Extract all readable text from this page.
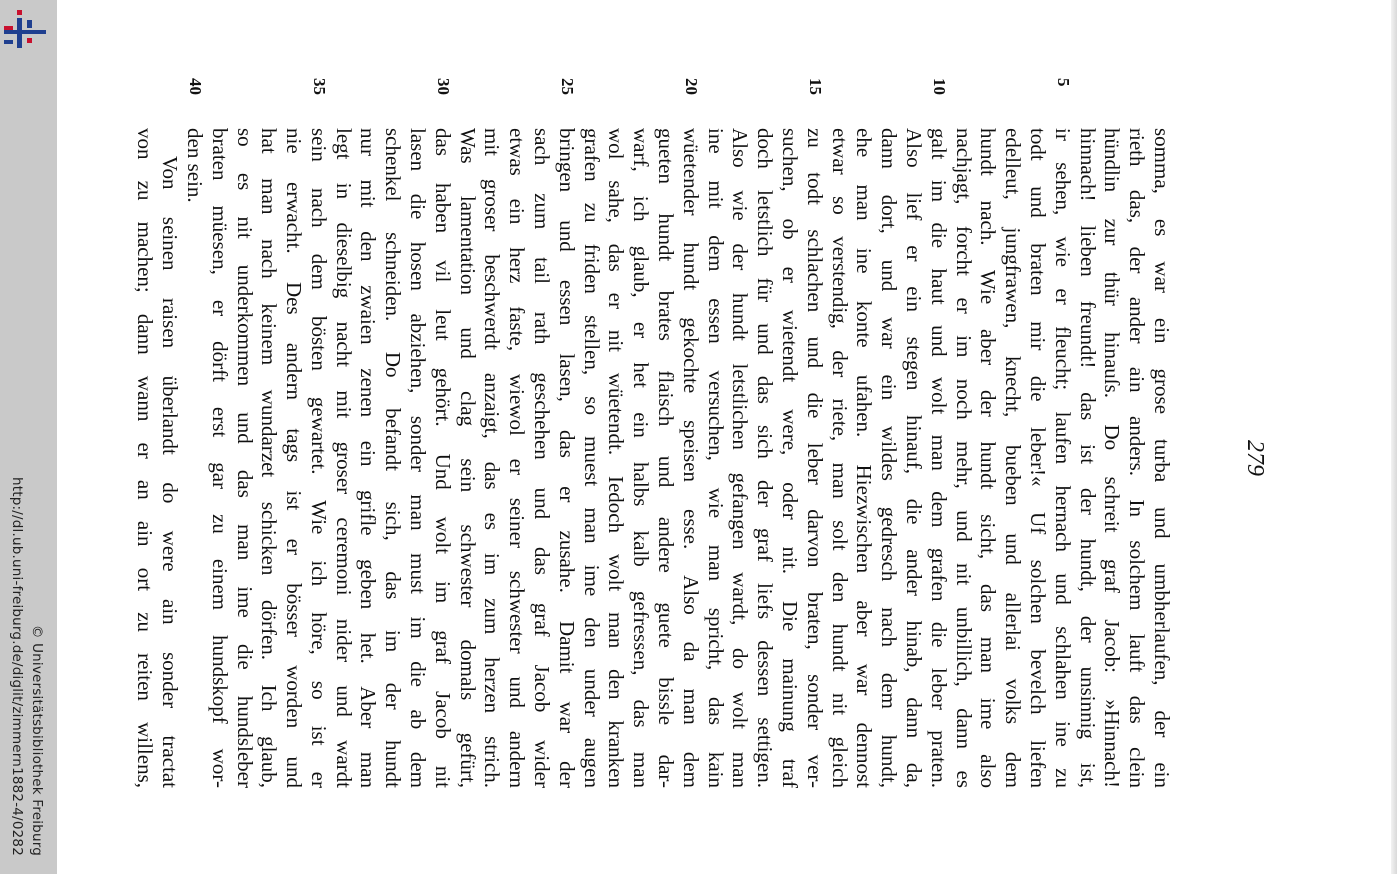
http://dl.ub.uni-freiburg.de/diglit/zimmern1882-4/0282 © Universitätsbibliothek Freiburg
279
somma, es war ein grose turba und umbherlaufen, der ein
rieth das, der ander ain anders. In solchem lauft das clein
hündlin zur thür hinauſs. Do schreit graf Jacob: »Hinnach!
hinnach! lieben freundt! das ist der hundt, der unsinnig ist,
5
ir sehen, wie er fleucht; laufen hernach und schlahen ine zu
todt und braten mir die leber!« Uf solchen bevelch liefen
edelleut, jungfrawen, knecht, bueben und allerlai volks dem
hundt nach. Wie aber der hundt sicht, das man ime also
nachjagt, forcht er im noch mehr, und nit unbillich, dann es
10
galt im die haut und wolt man dem grafen die leber praten.
Also lief er ein stegen hinauf, die ander hinab, dann da,
dann dort, und war ein wildes gedresch nach dem hundt,
ehe man ine konte ufahen. Hiezwischen aber war dennost
etwar so verstendig, der riete, man solt den hundt nit gleich
15
zu todt schlachen und die leber darvon braten, sonder ver-
suchen, ob er wietendt were, oder nit. Die mainung traf
doch letstlich für und das sich der graf liefs dessen settigen.
Also wie der hundt letstlichen gefangen wardt, do wolt man
ine mit dem essen versuchen, wie man spricht, das kain
20
wüetender hundt gekochte speisen esse. Also da man dem
gueten hundt brates flaisch und andere guete bissle dar-
warf, ich glaub, er het ein halbs kalb gefressen, das man
wol sahe, das er nit wüetendt. Iedoch wolt man den kranken
grafen zu friden stellen, so muest man ime den under augen
25
bringen und essen lasen, das er zusahe. Damit war der
sach zum tail rath geschehen und das graf Jacob wider
etwas ein herz faste, wiewol er seiner schwester und andern
mit groser beschwerdt anzaigt, das es im zum herzen strich.
Was lamentation und clag sein schwester domals gefürt,
30
das haben vil leut gehört. Und wolt im graf Jacob nit
lasen die hosen abziehen, sonder man must im die ab dem
schenkel schneiden. Do befandt sich, das im der hundt
nur mit den zwaien zenen ein grifle geben het. Aber man
legt in dieselbig nacht mit groser ceremoni nider und wardt
35
sein nach dem bösten gewartet. Wie ich höre, so ist er
nie erwacht. Des andern tags ist er bösser worden und
hat man nach keinem wundarzet schicken dörfen. Ich glaub,
so es nit underkommen und das man ime die hundsleber
braten müesen, er dörft erst gar zu einem hundskopf wor-
40
den sein.
Von seinen raisen überlandt do were ain sonder tractat
von zu machen; dann wann er an ain ort zu reiten willens,
